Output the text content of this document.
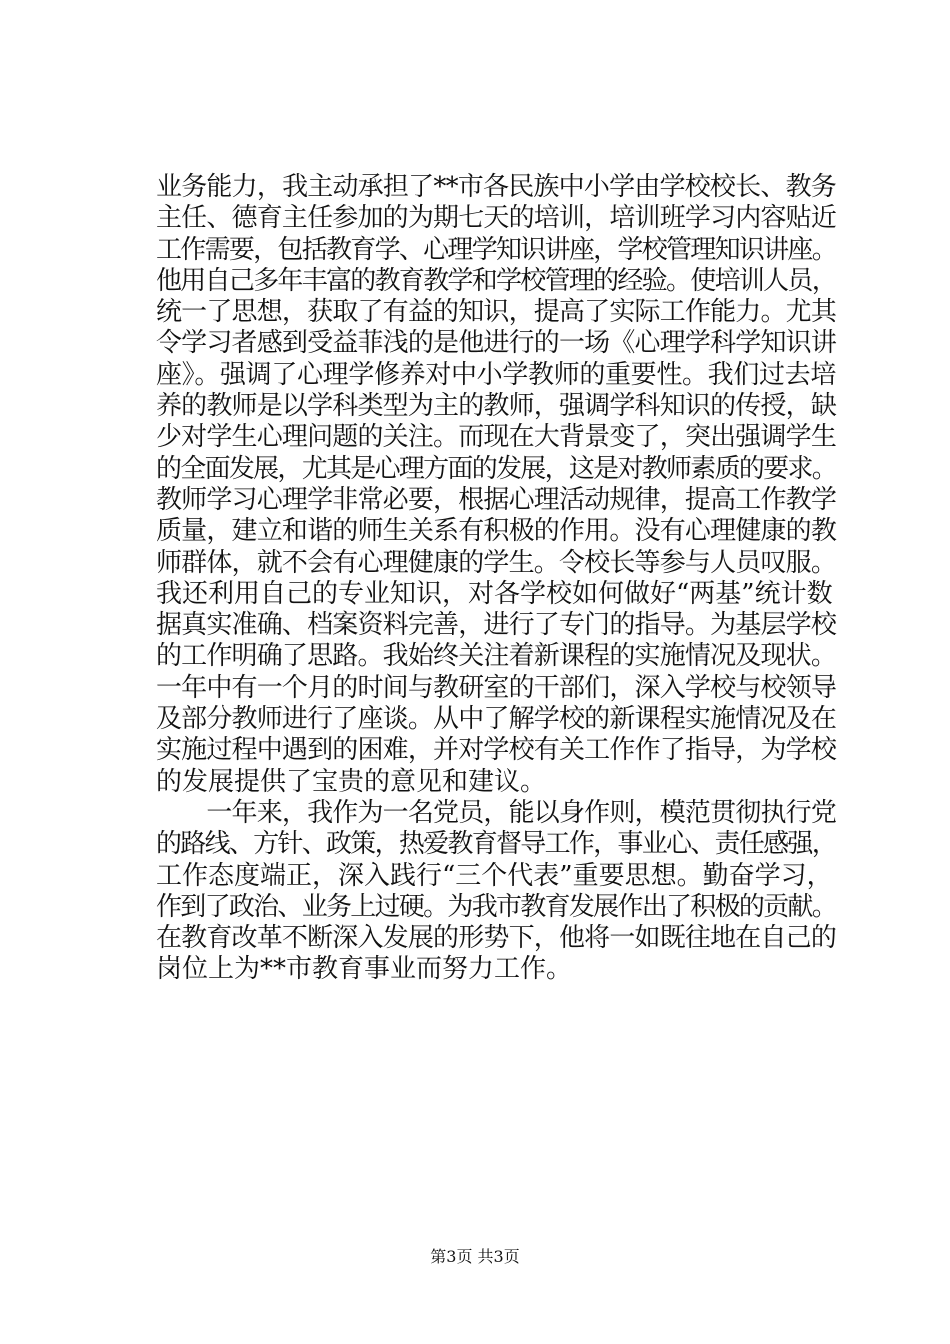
业务能力，我主动承担了**市各民族中小学由学校校长、教务
主任、德育主任参加的为期七天的培训，培训班学习内容贴近
工作需要，包括教育学、心理学知识讲座，学校管理知识讲座。
他用自己多年丰富的教育教学和学校管理的经验。使培训人员，
统一了思想，获取了有益的知识，提高了实际工作能力。尤其
令学习者感到受益菲浅的是他进行的一场《心理学科学知识讲
座》。强调了心理学修养对中小学教师的重要性。我们过去培
养的教师是以学科类型为主的教师，强调学科知识的传授，缺
少对学生心理问题的关注。而现在大背景变了，突出强调学生
的全面发展，尤其是心理方面的发展，这是对教师素质的要求。
教师学习心理学非常必要，根据心理活动规律，提高工作教学
质量，建立和谐的师生关系有积极的作用。没有心理健康的教
师群体，就不会有心理健康的学生。令校长等参与人员叹服。
我还利用自己的专业知识，对各学校如何做好“两基”统计数
据真实准确、档案资料完善，进行了专门的指导。为基层学校
的工作明确了思路。我始终关注着新课程的实施情况及现状。
一年中有一个月的时间与教研室的干部们，深入学校与校领导
及部分教师进行了座谈。从中了解学校的新课程实施情况及在
实施过程中遇到的困难，并对学校有关工作作了指导，为学校
的发展提供了宝贵的意见和建议。
　　一年来，我作为一名党员，能以身作则，模范贯彻执行党
的路线、方针、政策，热爱教育督导工作，事业心、责任感强，
工作态度端正，深入践行“三个代表”重要思想。勤奋学习，
作到了政治、业务上过硬。为我市教育发展作出了积极的贡献。
在教育改革不断深入发展的形势下，他将一如既往地在自己的
岗位上为**市教育事业而努力工作。
第3页 共3页
